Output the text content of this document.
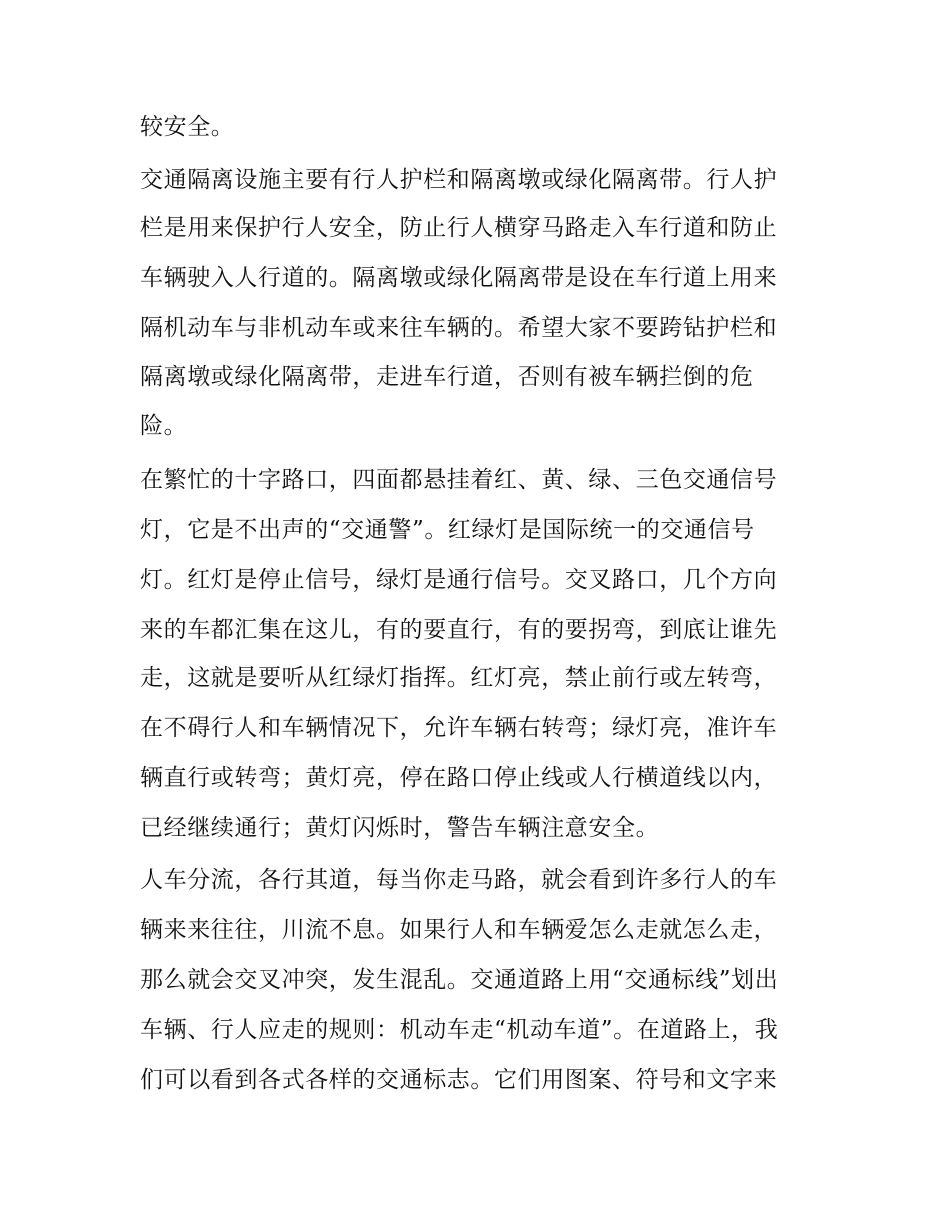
较安全。
交通隔离设施主要有行人护栏和隔离墩或绿化隔离带。行人护
栏是用来保护行人安全，防止行人横穿马路走入车行道和防止
车辆驶入人行道的。隔离墩或绿化隔离带是设在车行道上用来
隔机动车与非机动车或来往车辆的。希望大家不要跨钻护栏和
隔离墩或绿化隔离带，走进车行道，否则有被车辆拦倒的危
险。
在繁忙的十字路口，四面都悬挂着红、黄、绿、三色交通信号
灯，它是不出声的“交通警”。红绿灯是国际统一的交通信号
灯。红灯是停止信号，绿灯是通行信号。交叉路口，几个方向
来的车都汇集在这儿，有的要直行，有的要拐弯，到底让谁先
走，这就是要听从红绿灯指挥。红灯亮，禁止前行或左转弯，
在不碍行人和车辆情况下，允许车辆右转弯；绿灯亮，准许车
辆直行或转弯；黄灯亮，停在路口停止线或人行横道线以内，
已经继续通行；黄灯闪烁时，警告车辆注意安全。
人车分流，各行其道，每当你走马路，就会看到许多行人的车
辆来来往往，川流不息。如果行人和车辆爱怎么走就怎么走，
那么就会交叉冲突，发生混乱。交通道路上用“交通标线”划出
车辆、行人应走的规则：机动车走“机动车道”。在道路上，我
们可以看到各式各样的交通标志。它们用图案、符号和文字来
